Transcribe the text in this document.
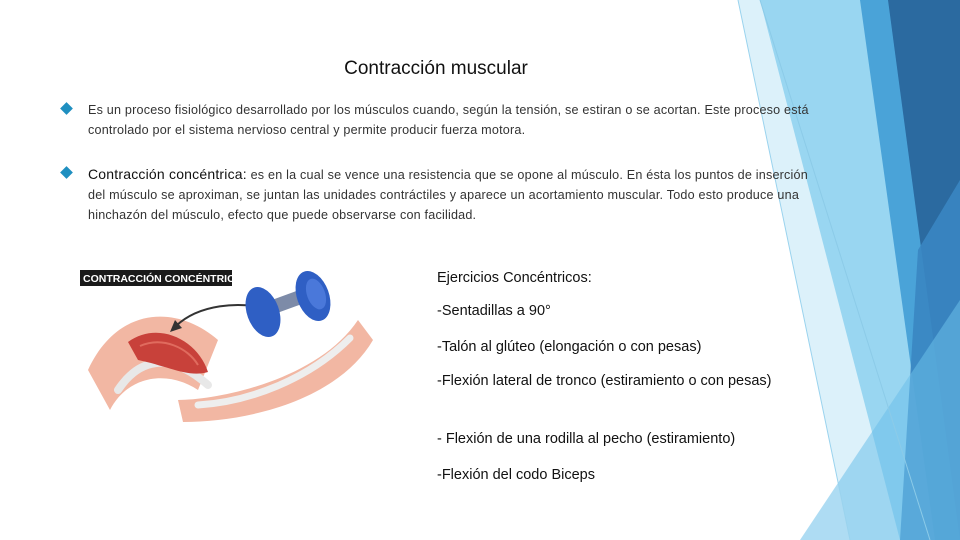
Contracción muscular
Es un proceso fisiológico desarrollado por los músculos cuando, según la tensión, se estiran o se acortan. Este proceso está controlado por el sistema nervioso central y permite producir fuerza motora.
Contracción concéntrica: es en la cual se vence una resistencia que se opone al músculo. En ésta los puntos de inserción del músculo se aproximan, se juntan las unidades contráctiles y aparece un acortamiento muscular. Todo esto produce una hinchazón del músculo, efecto que puede observarse con facilidad.
CONTRACCIÓN CONCÉNTRICA	Ejercicios Concéntricos:
-Sentadillas a 90°
-Talón al glúteo (elongación o con pesas)
-Flexión lateral de tronco (estiramiento o con pesas)
- Flexión de una rodilla al pecho (estiramiento)
-Flexión del codo Biceps
